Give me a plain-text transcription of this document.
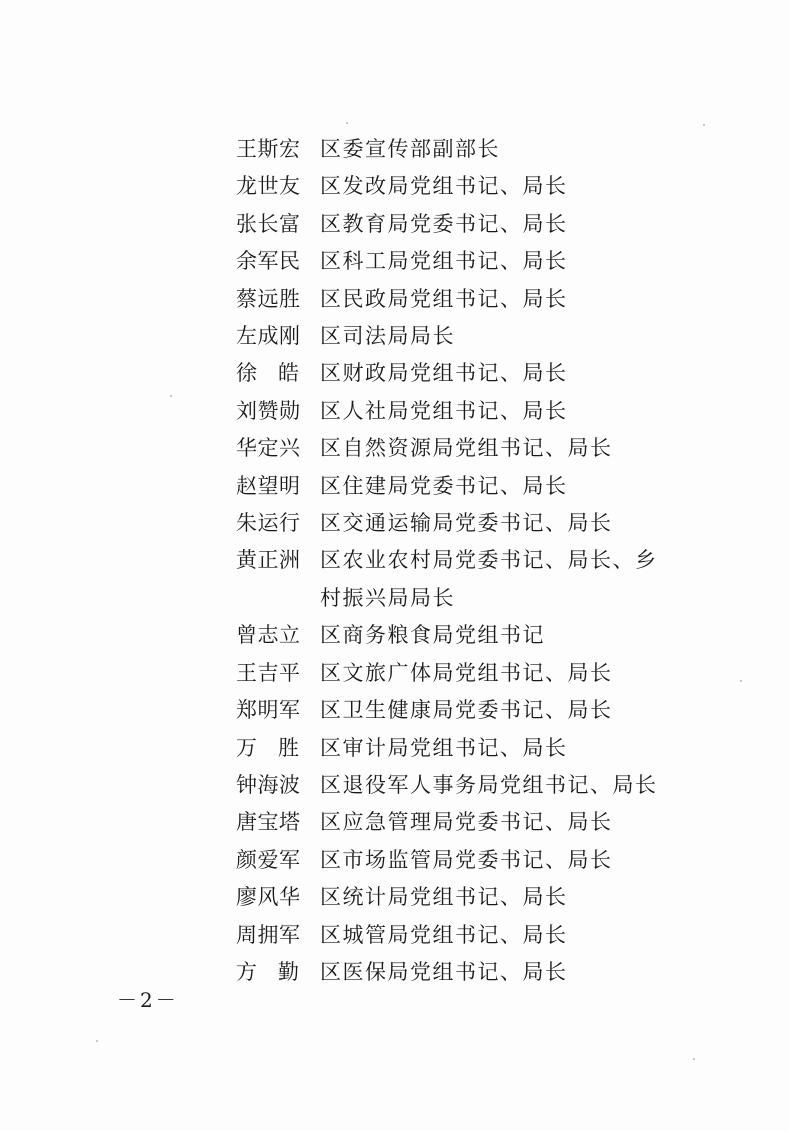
王斯宏 区委宣传部副部长
龙世友 区发改局党组书记、局长
张长富 区教育局党委书记、局长
余军民 区科工局党组书记、局长
蔡远胜 区民政局党组书记、局长
左成刚 区司法局局长
徐皓 区财政局党组书记、局长
刘赞勋 区人社局党组书记、局长
华定兴 区自然资源局党组书记、局长
赵望明 区住建局党委书记、局长
朱运行 区交通运输局党委书记、局长
黄正洲 区农业农村局党委书记、局长、乡村振兴局局长
曾志立 区商务粮食局党组书记
王吉平 区文旅广体局党组书记、局长
郑明军 区卫生健康局党委书记、局长
万胜 区审计局党组书记、局长
钟海波 区退役军人事务局党组书记、局长
唐宝塔 区应急管理局党委书记、局长
颜爱军 区市场监管局党委书记、局长
廖风华 区统计局党组书记、局长
周拥军 区城管局党组书记、局长
方勤 区医保局党组书记、局长
－2－
